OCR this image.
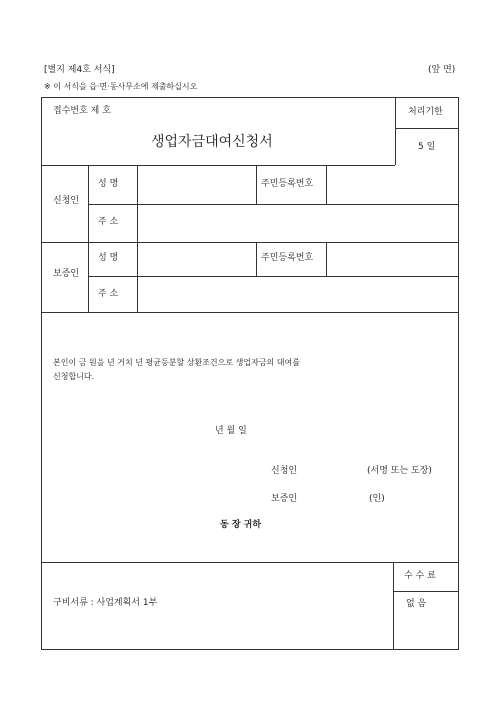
[별지 제4호 서식]	(앞 면)
※ 이 서식을 읍·면·동사무소에 제출하십시오
접수번호 제 호
생업자금대여신청서
처리기한
5 일
신청인
성 명	주민등록번호
주 소
보증인
성 명	주민등록번호
주 소
본인이 금 원을 년 거치 년 평균등분할 상환조건으로 생업자금의 대여를
신청합니다.
년 월 일
신청인	(서명 또는 도장)
보증인	(인)
동 장 귀하
구비서류 : 사업계획서 1부
수 수 료
없 음
